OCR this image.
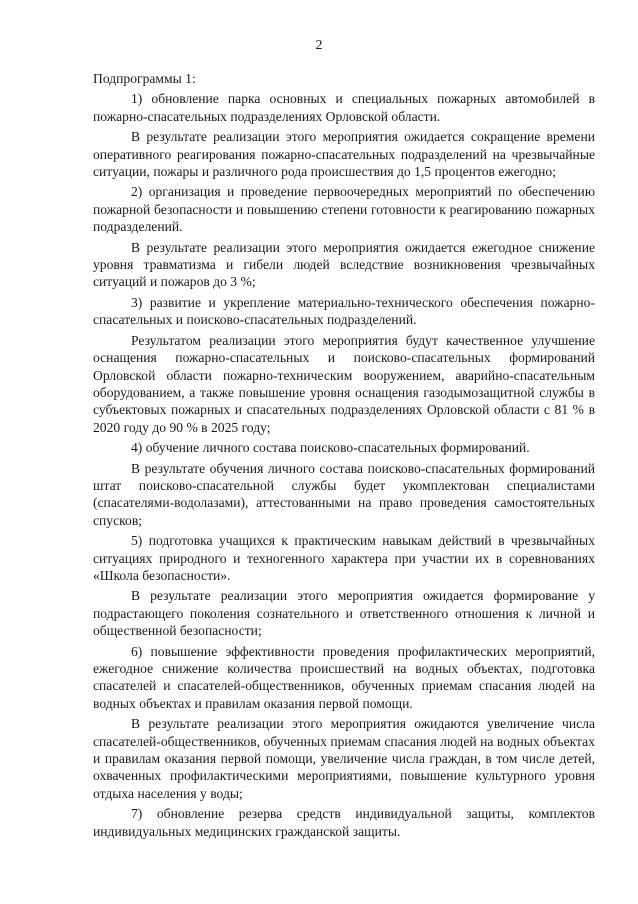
2

Подпрограммы 1:

1) обновление парка основных и специальных пожарных автомобилей в пожарно-спасательных подразделениях Орловской области.

В результате реализации этого мероприятия ожидается сокращение времени оперативного реагирования пожарно-спасательных подразделений на чрезвычайные ситуации, пожары и различного рода происшествия до 1,5 процентов ежегодно;

2) организация и проведение первоочередных мероприятий по обеспечению пожарной безопасности и повышению степени готовности к реагированию пожарных подразделений.

В результате реализации этого мероприятия ожидается ежегодное снижение уровня травматизма и гибели людей вследствие возникновения чрезвычайных ситуаций и пожаров до 3 %;

3) развитие и укрепление материально-технического обеспечения пожарно-спасательных и поисково-спасательных подразделений.

Результатом реализации этого мероприятия будут качественное улучшение оснащения пожарно-спасательных и поисково-спасательных формирований Орловской области пожарно-техническим вооружением, аварийно-спасательным оборудованием, а также повышение уровня оснащения газодымозащитной службы в субъектовых пожарных и спасательных подразделениях Орловской области с 81 % в 2020 году до 90 % в 2025 году;

4) обучение личного состава поисково-спасательных формирований.

В результате обучения личного состава поисково-спасательных формирований штат поисково-спасательной службы будет укомплектован специалистами (спасателями-водолазами), аттестованными на право проведения самостоятельных спусков;

5) подготовка учащихся к практическим навыкам действий в чрезвычайных ситуациях природного и техногенного характера при участии их в соревнованиях «Школа безопасности».

В результате реализации этого мероприятия ожидается формирование у подрастающего поколения сознательного и ответственного отношения к личной и общественной безопасности;

6) повышение эффективности проведения профилактических мероприятий, ежегодное снижение количества происшествий на водных объектах, подготовка спасателей и спасателей-общественников, обученных приемам спасания людей на водных объектах и правилам оказания первой помощи.

В результате реализации этого мероприятия ожидаются увеличение числа спасателей-общественников, обученных приемам спасания людей на водных объектах и правилам оказания первой помощи, увеличение числа граждан, в том числе детей, охваченных профилактическими мероприятиями, повышение культурного уровня отдыха населения у воды;

7) обновление резерва средств индивидуальной защиты, комплектов индивидуальных медицинских гражданской защиты.
